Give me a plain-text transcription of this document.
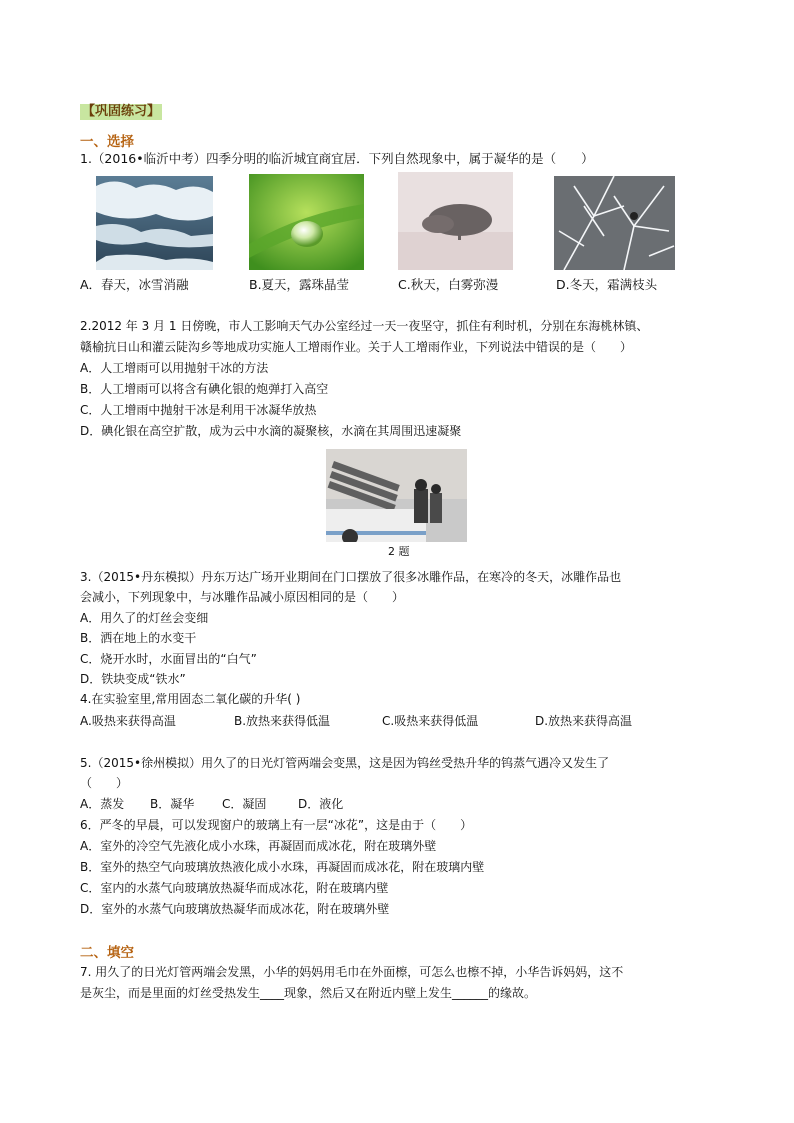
【巩固练习】
一、选择
1.（2016•临沂中考）四季分明的临沂城宜商宜居．下列自然现象中，属于凝华的是（　　）
A．春天，冰雪消融	B.夏天，露珠晶莹	C.秋天，白雾弥漫	D.冬天，霜满枝头
2.2012 年 3 月 1 日傍晚，市人工影响天气办公室经过一天一夜坚守，抓住有利时机，分别在东海桃林镇、
赣榆抗日山和灌云陡沟乡等地成功实施人工增雨作业。关于人工增雨作业，下列说法中错误的是（　　）
A．人工增雨可以用抛射干冰的方法
B．人工增雨可以将含有碘化银的炮弹打入高空
C．人工增雨中抛射干冰是利用干冰凝华放热
D．碘化银在高空扩散，成为云中水滴的凝聚核，水滴在其周围迅速凝聚
2 题
3.（2015•丹东模拟）丹东万达广场开业期间在门口摆放了很多冰雕作品，在寒冷的冬天，冰雕作品也
会减小，下列现象中，与冰雕作品减小原因相同的是（　　）
A．用久了的灯丝会变细
B．洒在地上的水变干
C．烧开水时，水面冒出的“白气”
D．铁块变成“铁水”
4.在实验室里,常用固态二氧化碳的升华( )
A.吸热来获得高温	B.放热来获得低温	C.吸热来获得低温	D.放热来获得高温
5.（2015•徐州模拟）用久了的日光灯管两端会变黑，这是因为钨丝受热升华的钨蒸气遇冷又发生了
（　　）
A．蒸发 B．凝华 C．凝固	D．液化
6．严冬的早晨，可以发现窗户的玻璃上有一层“冰花”，这是由于（　　）
A．室外的冷空气先液化成小水珠，再凝固而成冰花，附在玻璃外壁
B．室外的热空气向玻璃放热液化成小水珠，再凝固而成冰花，附在玻璃内壁
C．室内的水蒸气向玻璃放热凝华而成冰花，附在玻璃内壁
D．室外的水蒸气向玻璃放热凝华而成冰花，附在玻璃外壁
二、填空
7. 用久了的日光灯管两端会发黑，小华的妈妈用毛巾在外面檫，可怎么也檫不掉，小华告诉妈妈，这不
是灰尘，而是里面的灯丝受热发生____现象，然后又在附近内壁上发生______的缘故。
